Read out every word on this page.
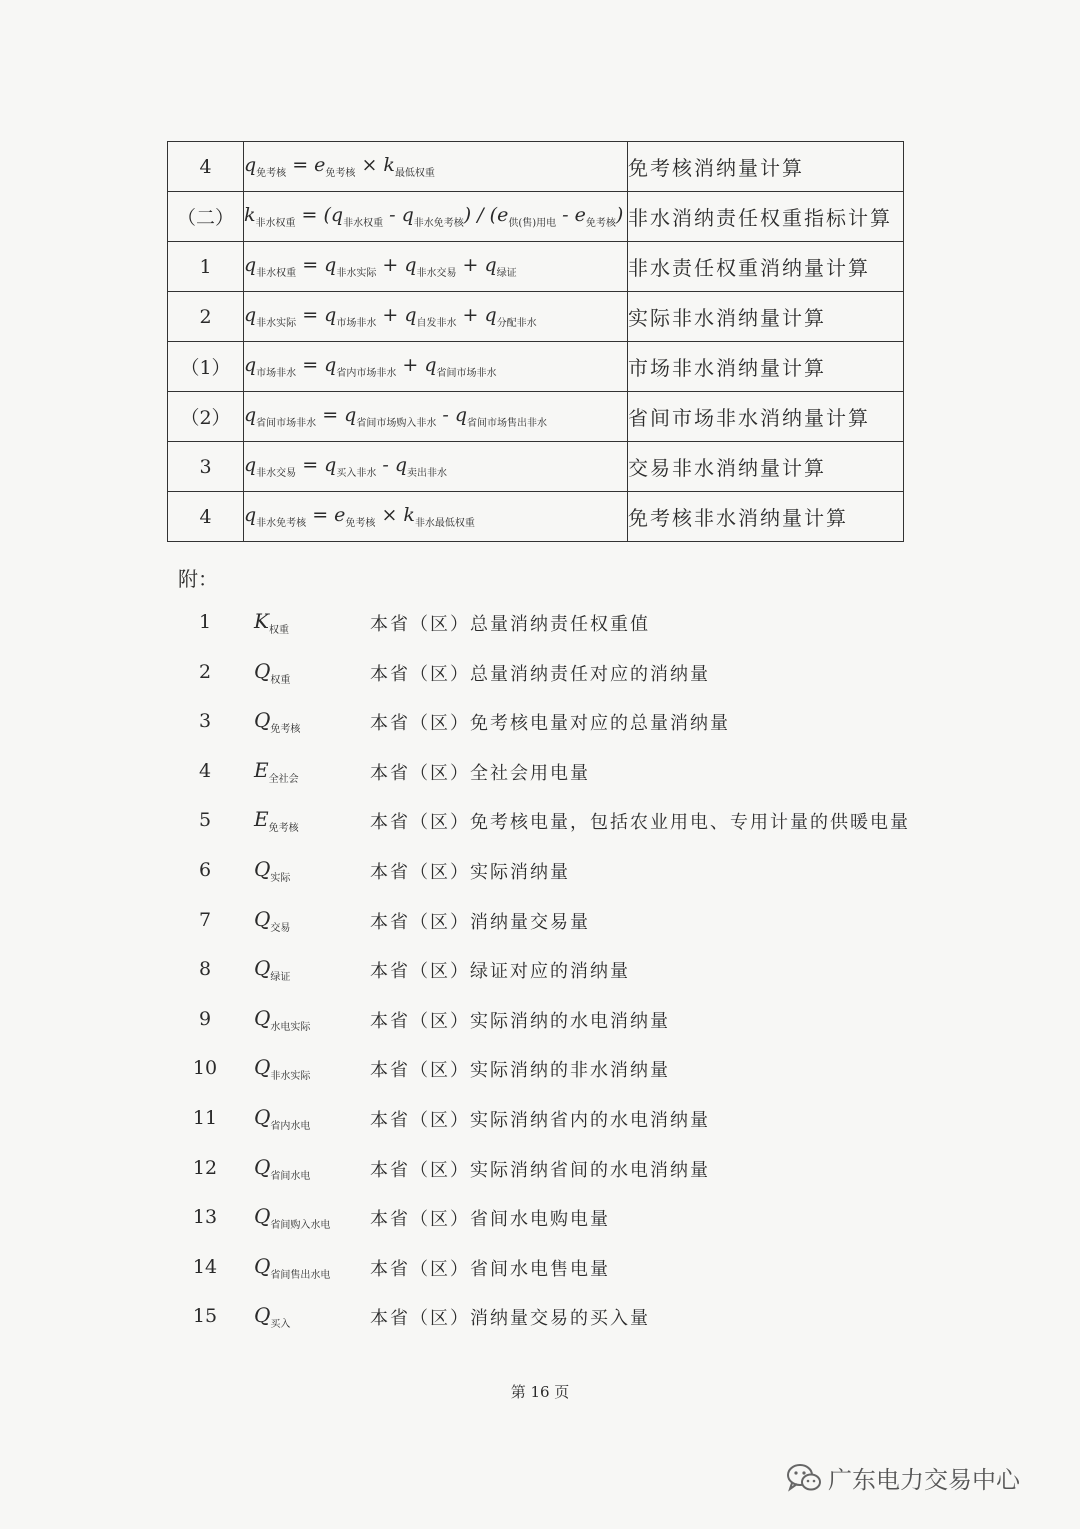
4	$q_{免考核} = e_{免考核} \times k_{最低权重}$	免考核消纳量计算
（二）	$k_{非水权重} = (q_{非水权重} - q_{非水免考核}) / (e_{供(售)用电} - e_{免考核})$	非水消纳责任权重指标计算
1	$q_{非水权重} = q_{非水实际} + q_{非水交易} + q_{绿证}$	非水责任权重消纳量计算
2	$q_{非水实际} = q_{市场非水} + q_{自发非水} + q_{分配非水}$	实际非水消纳量计算
（1）	$q_{市场非水} = q_{省内市场非水} + q_{省间市场非水}$	市场非水消纳量计算
（2）	$q_{省间市场非水} = q_{省间市场购入非水} - q_{省间市场售出非水}$	省间市场非水消纳量计算
3	$q_{非水交易} = q_{买入非水} - q_{卖出非水}$	交易非水消纳量计算
4	$q_{非水免考核} = e_{免考核} \times k_{非水最低权重}$	免考核非水消纳量计算
附：
1	$K_{权重}$	本省（区）总量消纳责任权重值
2	$Q_{权重}$	本省（区）总量消纳责任对应的消纳量
3	$Q_{免考核}$	本省（区）免考核电量对应的总量消纳量
4	$E_{全社会}$	本省（区）全社会用电量
5	$E_{免考核}$	本省（区）免考核电量，包括农业用电、专用计量的供暖电量
6	$Q_{实际}$	本省（区）实际消纳量
7	$Q_{交易}$	本省（区）消纳量交易量
8	$Q_{绿证}$	本省（区）绿证对应的消纳量
9	$Q_{水电实际}$	本省（区）实际消纳的水电消纳量
10	$Q_{非水实际}$	本省（区）实际消纳的非水消纳量
11	$Q_{省内水电}$	本省（区）实际消纳省内的水电消纳量
12	$Q_{省间水电}$	本省（区）实际消纳省间的水电消纳量
13	$Q_{省间购入水电}$ 本省（区）省间水电购电量
14	$Q_{省间售出水电}$ 本省（区）省间水电售电量
15	$Q_{买入}$	本省（区）消纳量交易的买入量
第 16 页
广东电力交易中心
